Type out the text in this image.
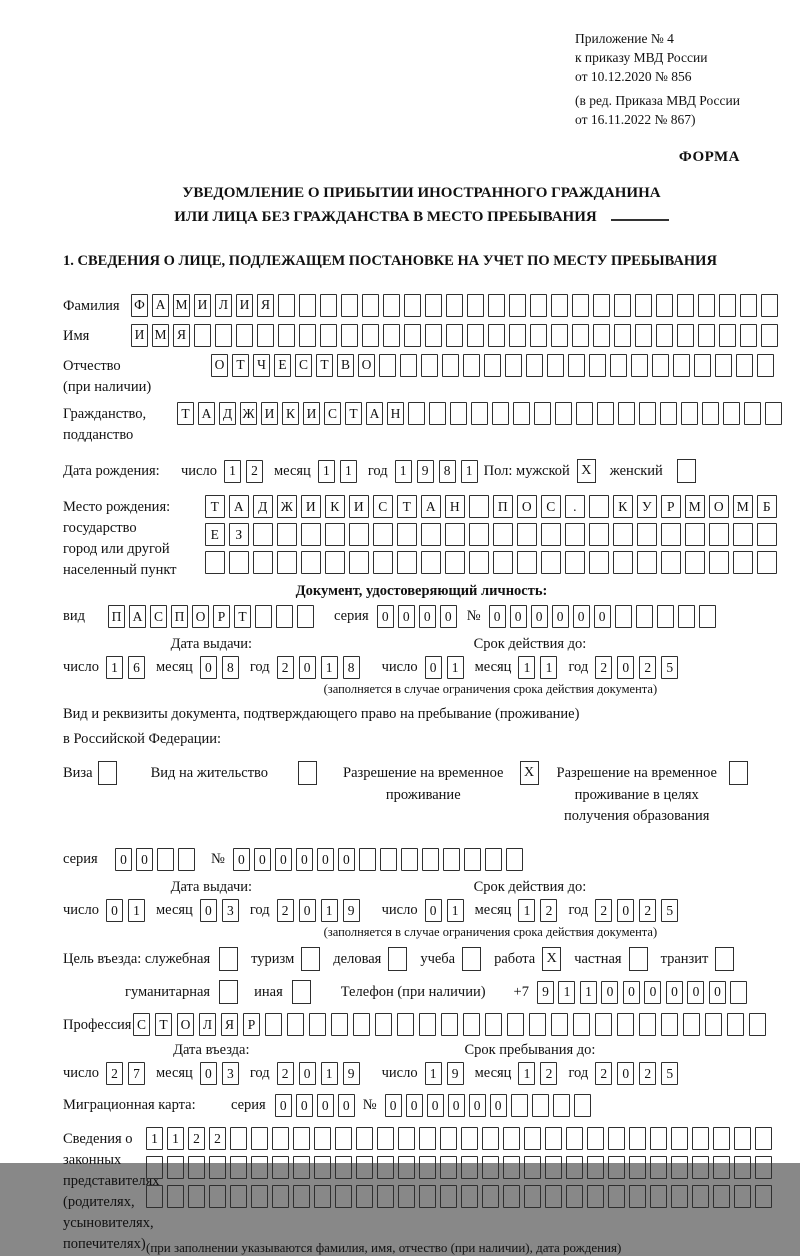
Приложение № 4
к приказу МВД России
от 10.12.2020 № 856
(в ред. Приказа МВД России
от 16.11.2022 № 867)
ФОРМА
УВЕДОМЛЕНИЕ О ПРИБЫТИИ ИНОСТРАННОГО ГРАЖДАНИНА
ИЛИ ЛИЦА БЕЗ ГРАЖДАНСТВА В МЕСТО ПРЕБЫВАНИЯ
1. СВЕДЕНИЯ О ЛИЦЕ, ПОДЛЕЖАЩЕМ ПОСТАНОВКЕ НА УЧЕТ ПО МЕСТУ ПРЕБЫВАНИЯ
Фамилия	Ф А М И Л И Я
Имя	И М Я
Отчество
(при наличии)
О Т Ч Е С Т В О
Гражданство,
подданство
Т А Д Ж И К И С Т А Н
Дата рождения:	число 1	2	месяц 1	1	год 1	9	8	1 Пол: мужской X	женский
Место рождения:
государство
город или другой
населенный пункт
Т	А	Д Ж И	К	И	С	Т	А	Н	П	О	С	.	К	У	Р	М О М	Б
Е	З
Документ, удостоверяющий личность:
вид	П А С П О Р Т	серия 0	0	0	0	№ 0	0	0	0	0	0
Дата выдачи:
число 1	6	месяц 0	8	год 2	0	1	8
Срок действия до:
число 0	1	месяц 1	1	год 2	0	2	5
(заполняется в случае ограничения срока действия документа)
Вид и реквизиты документа, подтверждающего право на пребывание (проживание)
в Российской Федерации:
Виза	Вид на жительство	Разрешение на временное
проживание
X	Разрешение на временное
проживание в целях
получения образования
серия	0	0	№ 0	0	0	0	0	0
Дата выдачи:
число 0	1	месяц 0	3	год 2	0	1	9
Срок действия до:
число 0	1	месяц 1	2	год 2	0	2	5
(заполняется в случае ограничения срока действия документа)
Цель въезда: служебная	туризм	деловая	учеба	работа X	частная	транзит
гуманитарная	иная	Телефон (при наличии) +7 9	1	1	0	0	0	0	0	0
Профессия С Т О Л Я	Р
Дата въезда:
число 2	7	месяц 0	3	год 2	0	1	9
Срок пребывания до:
число 1	9	месяц 1	2	год 2	0	2	5
Миграционная карта:	серия	0	0	0	0 № 0	0	0	0	0	0
Сведения о
законных
представителях
(родителях,
усыновителях,
попечителях)
1	1	2	2
(при заполнении указываются фамилия, имя, отчество (при наличии), дата рождения)
